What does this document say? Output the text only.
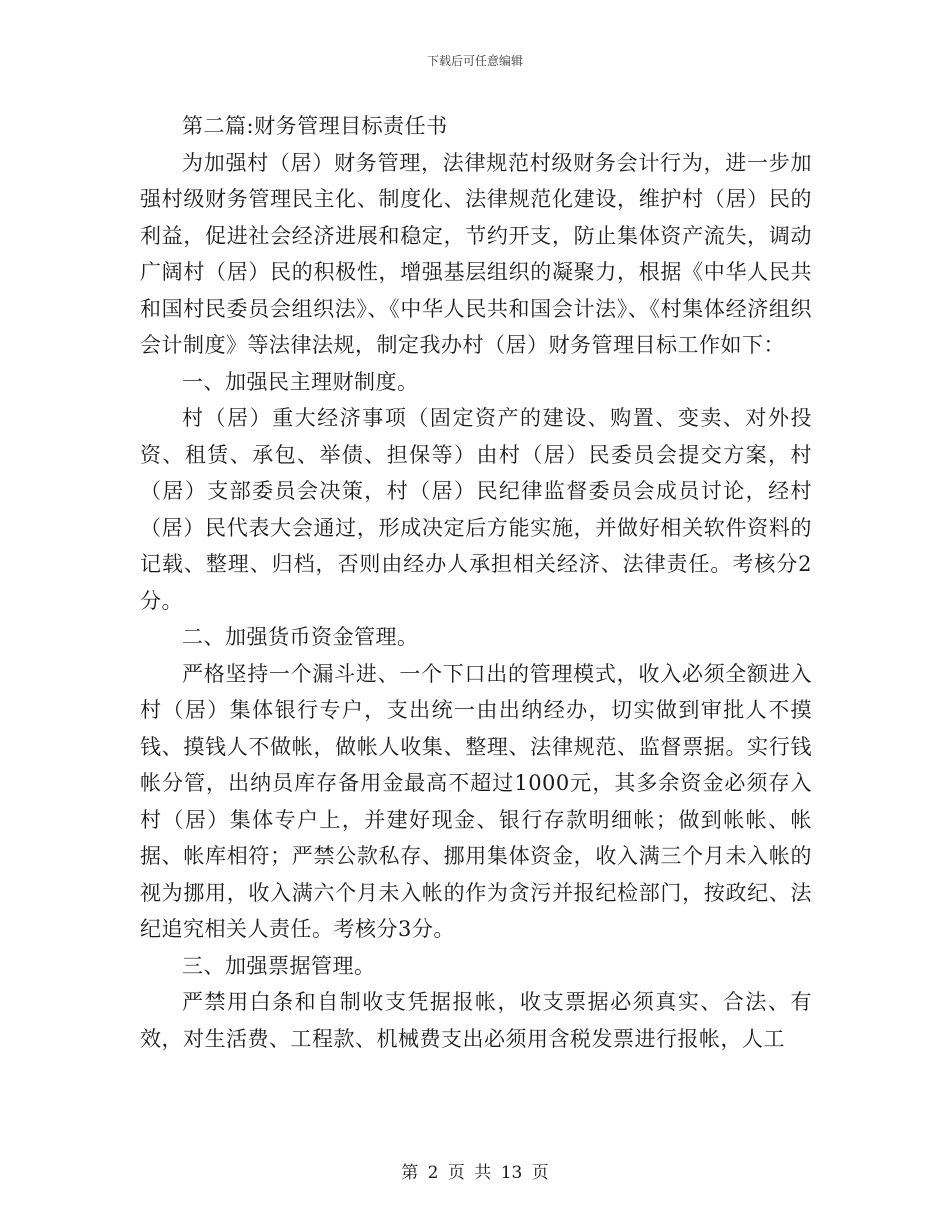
下载后可任意编辑

第二篇:财务管理目标责任书

为加强村（居）财务管理，法律规范村级财务会计行为，进一步加强村级财务管理民主化、制度化、法律规范化建设，维护村（居）民的利益，促进社会经济进展和稳定，节约开支，防止集体资产流失，调动广阔村（居）民的积极性，增强基层组织的凝聚力，根据《中华人民共和国村民委员会组织法》、《中华人民共和国会计法》、《村集体经济组织会计制度》等法律法规，制定我办村（居）财务管理目标工作如下：

一、加强民主理财制度。

村（居）重大经济事项（固定资产的建设、购置、变卖、对外投资、租赁、承包、举债、担保等）由村（居）民委员会提交方案，村（居）支部委员会决策，村（居）民纪律监督委员会成员讨论，经村（居）民代表大会通过，形成决定后方能实施，并做好相关软件资料的记载、整理、归档，否则由经办人承担相关经济、法律责任。考核分2分。

二、加强货币资金管理。

严格坚持一个漏斗进、一个下口出的管理模式，收入必须全额进入村（居）集体银行专户，支出统一由出纳经办，切实做到审批人不摸钱、摸钱人不做帐，做帐人收集、整理、法律规范、监督票据。实行钱帐分管，出纳员库存备用金最高不超过1000元，其多余资金必须存入村（居）集体专户上，并建好现金、银行存款明细帐；做到帐帐、帐据、帐库相符；严禁公款私存、挪用集体资金，收入满三个月未入帐的视为挪用，收入满六个月未入帐的作为贪污并报纪检部门，按政纪、法纪追究相关人责任。考核分3分。

三、加强票据管理。

严禁用白条和自制收支凭据报帐，收支票据必须真实、合法、有效，对生活费、工程款、机械费支出必须用含税发票进行报帐，人工

第 2 页 共 13 页
